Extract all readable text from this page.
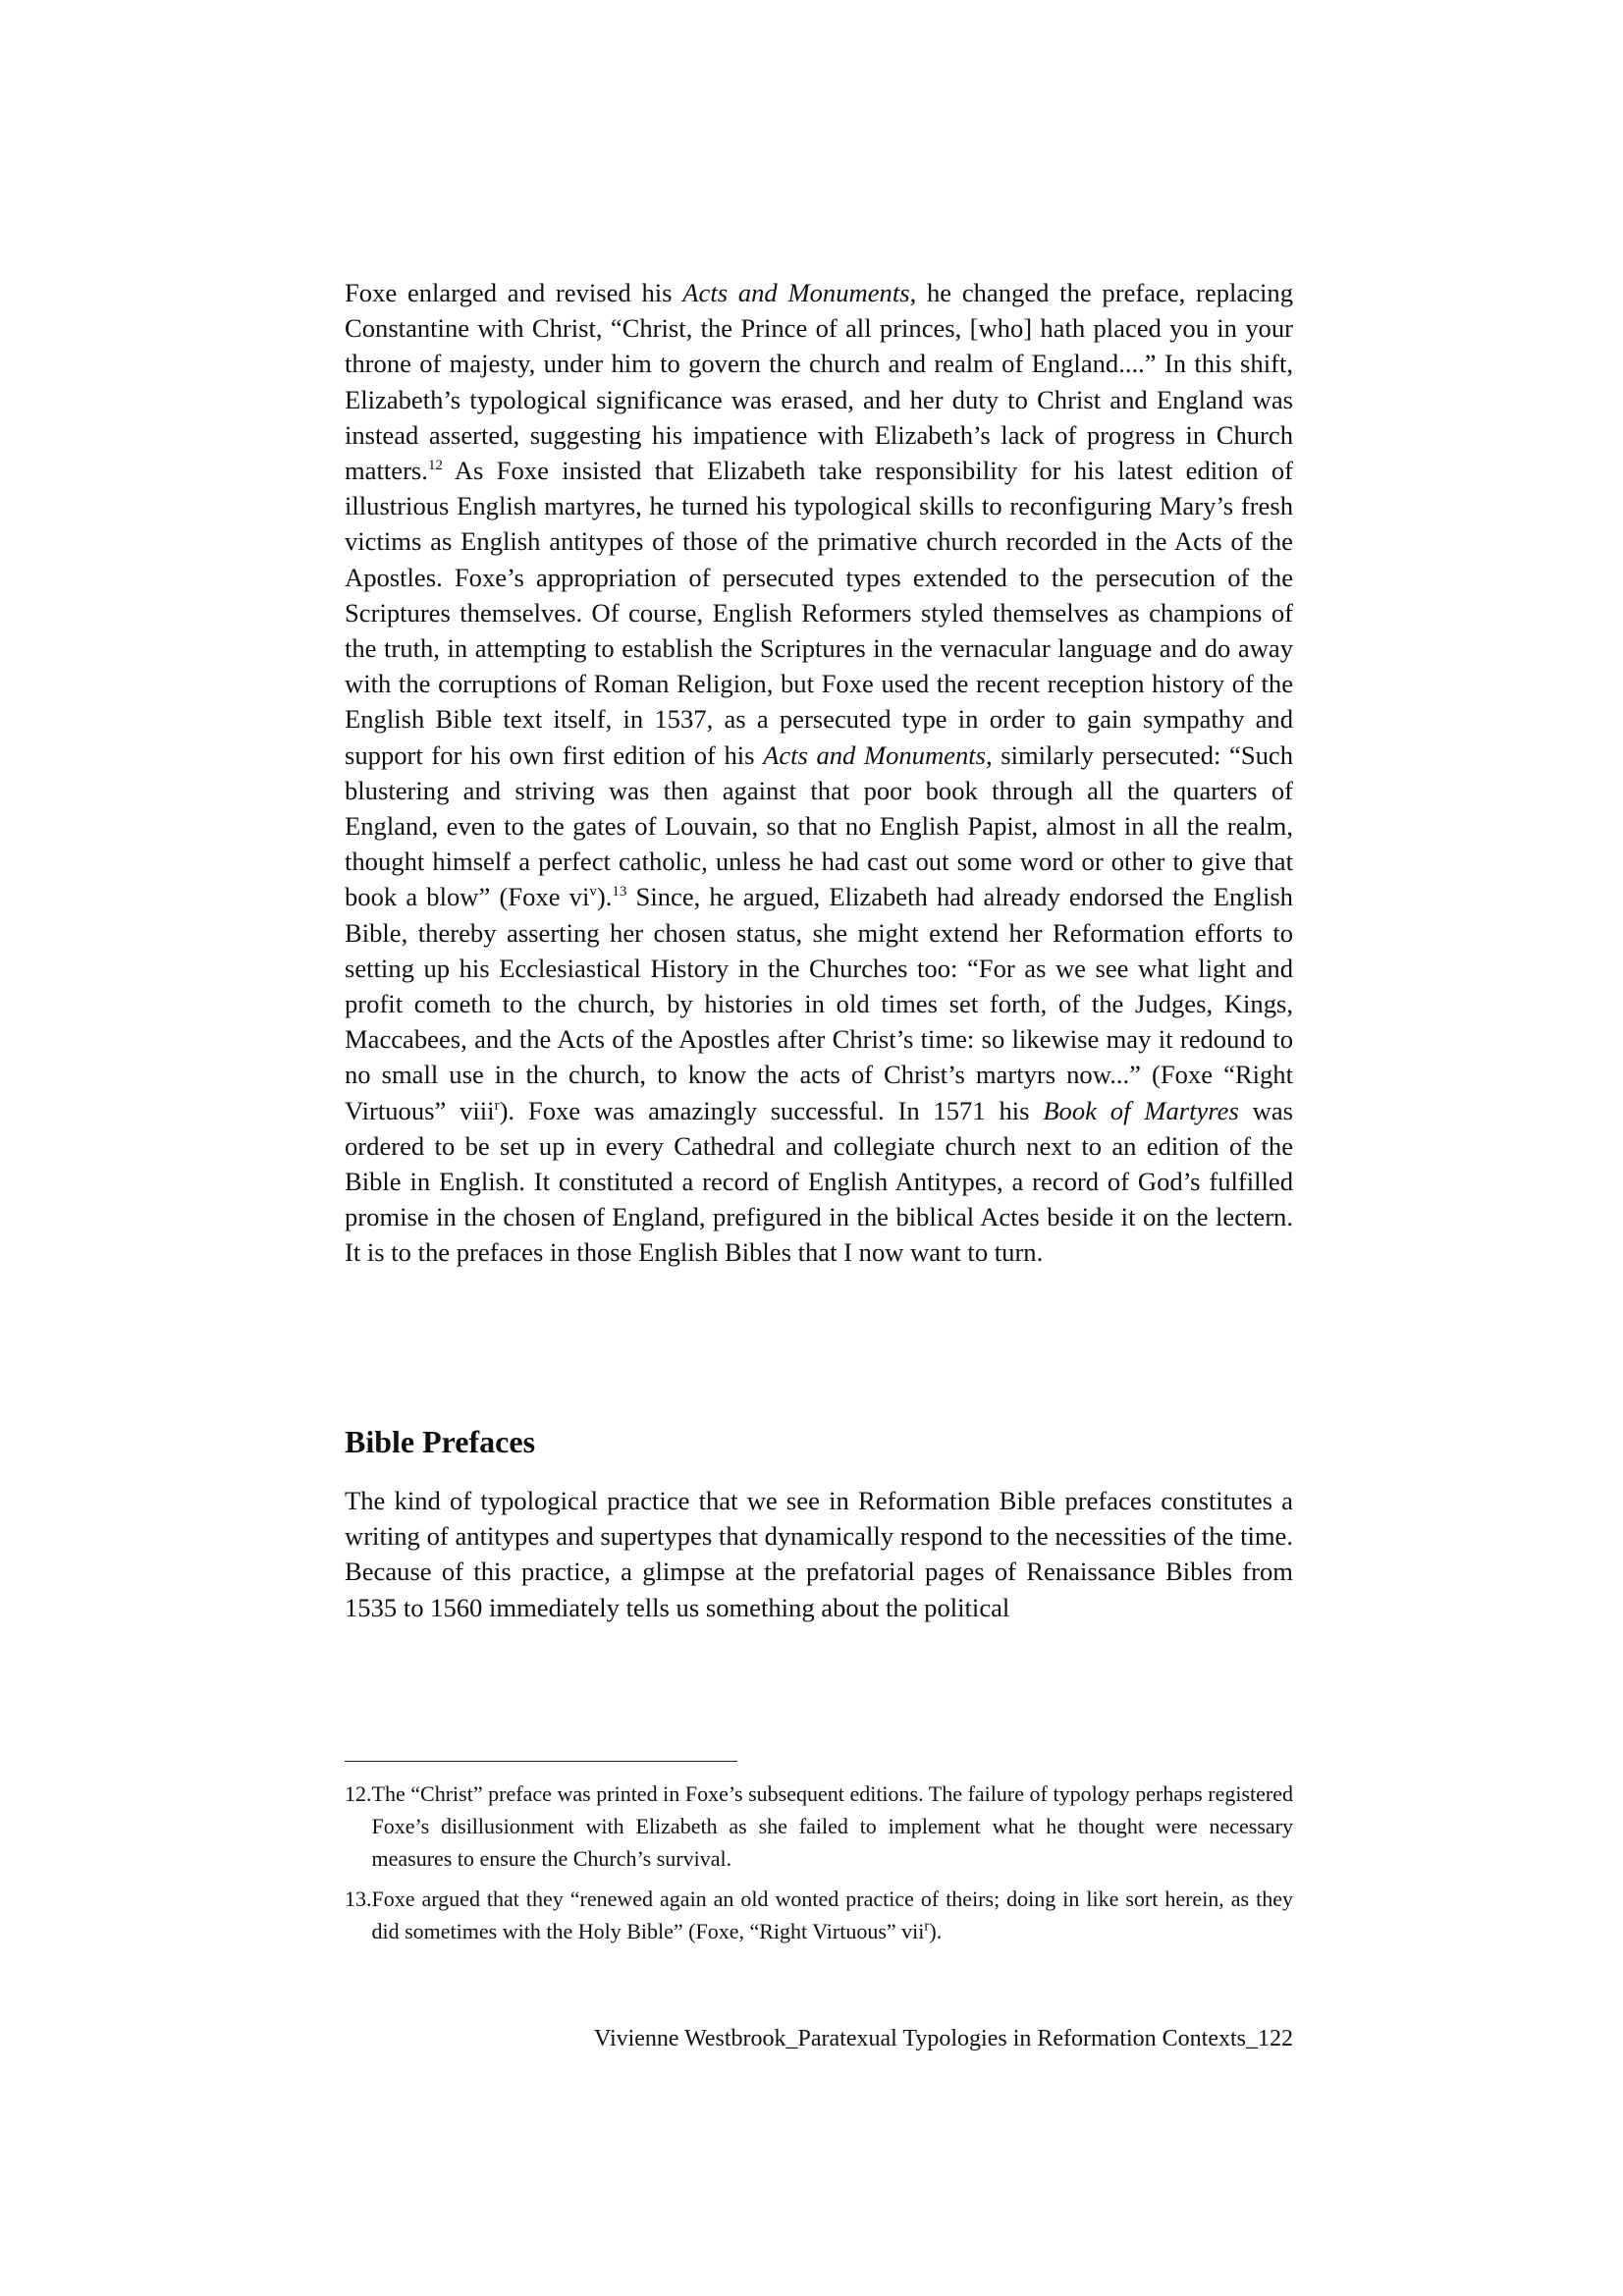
Foxe enlarged and revised his Acts and Monuments, he changed the preface, replacing Constantine with Christ, “Christ, the Prince of all princes, [who] hath placed you in your throne of majesty, under him to govern the church and realm of England....” In this shift, Elizabeth’s typological significance was erased, and her duty to Christ and England was instead asserted, suggesting his impatience with Elizabeth’s lack of progress in Church matters.$^{12}$ As Foxe insisted that Elizabeth take responsibility for his latest edition of illustrious English martyres, he turned his typological skills to reconfiguring Mary’s fresh victims as English antitypes of those of the primative church recorded in the Acts of the Apostles. Foxe’s appropriation of persecuted types extended to the persecution of the Scriptures themselves. Of course, English Reformers styled themselves as champions of the truth, in attempting to establish the Scriptures in the vernacular language and do away with the corruptions of Roman Religion, but Foxe used the recent reception history of the English Bible text itself, in 1537, as a persecuted type in order to gain sympathy and support for his own first edition of his Acts and Monuments, similarly persecuted: “Such blustering and striving was then against that poor book through all the quarters of England, even to the gates of Louvain, so that no English Papist, almost in all the realm, thought himself a perfect catholic, unless he had cast out some word or other to give that book a blow” (Foxe $vi^v).^{13}$ Since, he argued, Elizabeth had already endorsed the English Bible, thereby asserting her chosen status, she might extend her Reformation efforts to setting up his Ecclesiastical History in the Churches too: “For as we see what light and profit cometh to the church, by histories in old times set forth, of the Judges, Kings, Maccabees, and the Acts of the Apostles after Christ’s time: so likewise may it redound to no small use in the church, to know the acts of Christ’s martyrs now...” (Foxe “Right Virtuous” viii$^r$). Foxe was amazingly successful. In 1571 his Book of Martyres was ordered to be set up in every Cathedral and collegiate church next to an edition of the Bible in English. It constituted a record of English Antitypes, a record of God’s fulfilled promise in the chosen of England, prefigured in the biblical Actes beside it on the lectern. It is to the prefaces in those English Bibles that I now want to turn.

Bible Prefaces

The kind of typological practice that we see in Reformation Bible prefaces constitutes a writing of antitypes and supertypes that dynamically respond to the necessities of the time. Because of this practice, a glimpse at the prefatorial pages of Renaissance Bibles from 1535 to 1560 immediately tells us something about the political

12. The “Christ” preface was printed in Foxe’s subsequent editions. The failure of typology perhaps registered Foxe’s disillusionment with Elizabeth as she failed to implement what he thought were necessary measures to ensure the Church’s survival.
13. Foxe argued that they “renewed again an old wonted practice of theirs; doing in like sort herein, as they did sometimes with the Holy Bible” (Foxe, “Right Virtuous” vii$^r$).
Vivienne Westbrook_Paratexual Typologies in Reformation Contexts_122
